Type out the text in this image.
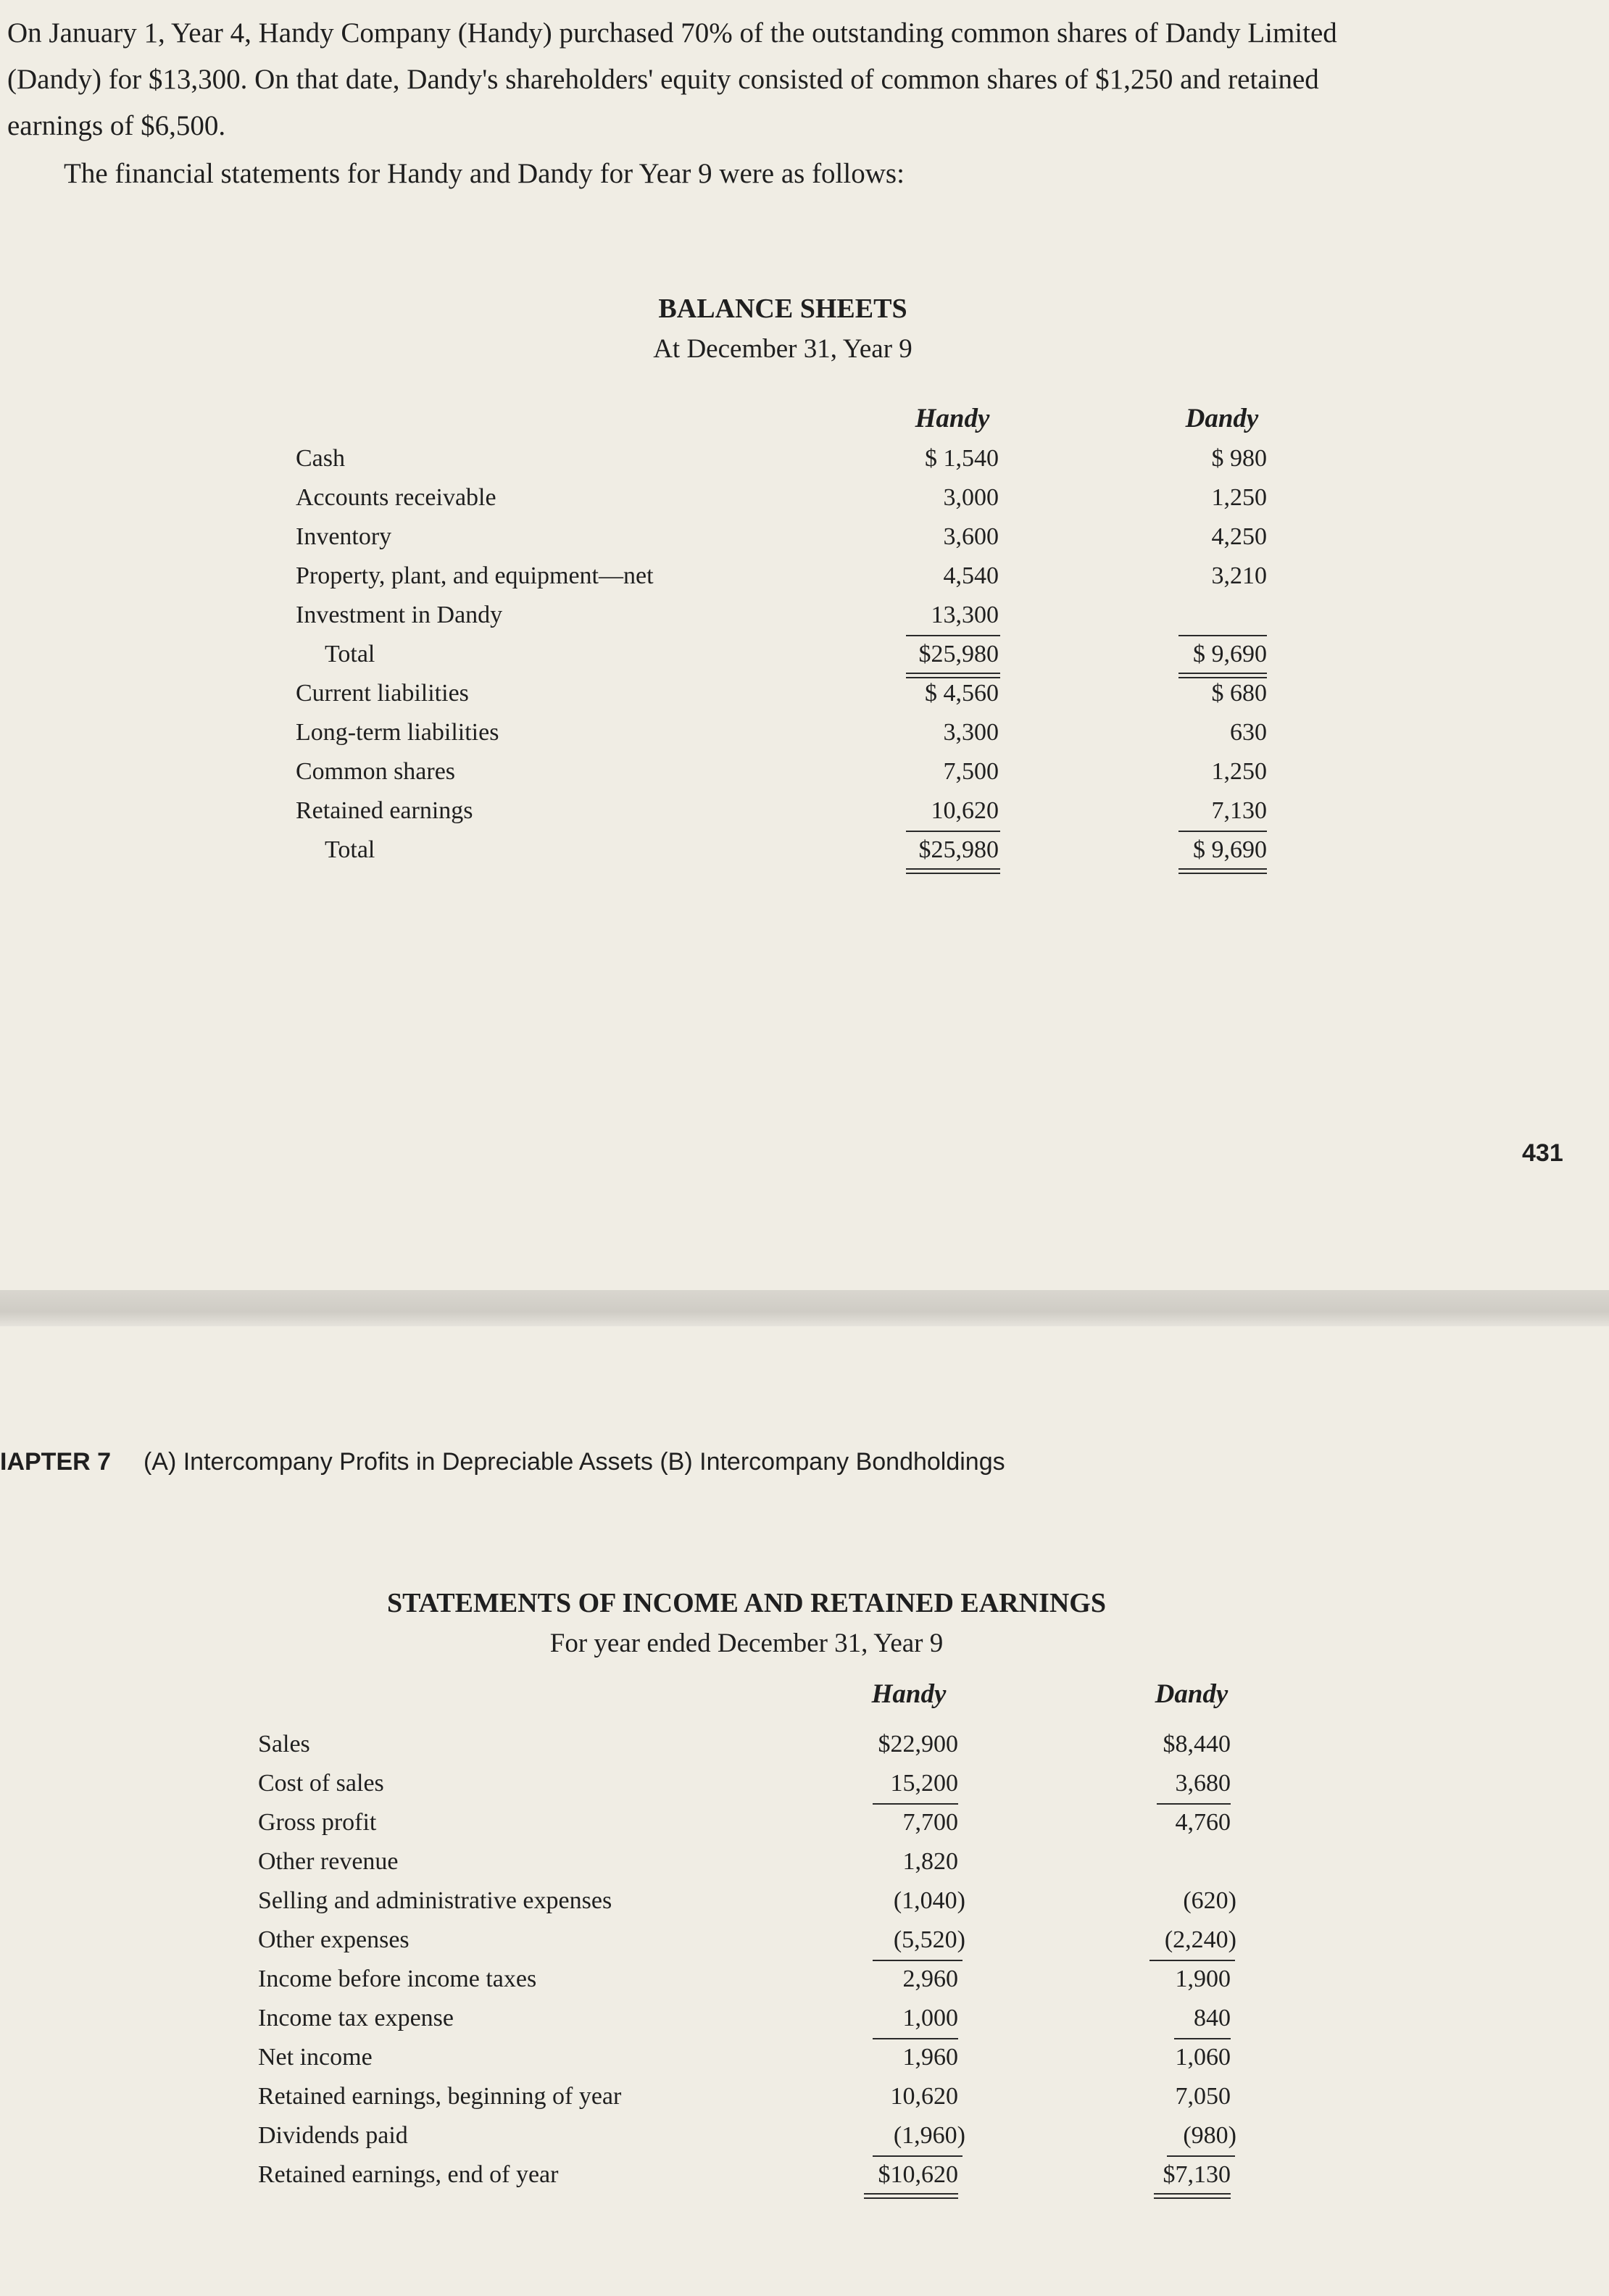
On January 1, Year 4, Handy Company (Handy) purchased 70% of the outstanding common shares of Dandy Limited
(Dandy) for $13,300. On that date, Dandy's shareholders' equity consisted of common shares of $1,250 and retained
earnings of $6,500.
The financial statements for Handy and Dandy for Year 9 were as follows:
BALANCE SHEETS
At December 31, Year 9
Handy	Dandy
Cash	$ 1,540	$ 980
Accounts receivable	3,000	1,250
Inventory	3,600	4,250
Property, plant, and equipment—net	4,540	3,210
Investment in Dandy	13,300
Total	$25,980	$ 9,690
Current liabilities	$ 4,560	$ 680
Long-term liabilities	3,300	630
Common shares	7,500	1,250
Retained earnings	10,620	7,130
Total	$25,980	$ 9,690
431
IAPTER 7 (A) Intercompany Profits in Depreciable Assets (B) Intercompany Bondholdings
STATEMENTS OF INCOME AND RETAINED EARNINGS
For year ended December 31, Year 9
Handy	Dandy
Sales	$22,900	$8,440
Cost of sales	15,200	3,680
Gross profit	7,700	4,760
Other revenue	1,820
Selling and administrative expenses	(1,040)	(620)
Other expenses	(5,520)	(2,240)
Income before income taxes	2,960	1,900
Income tax expense	1,000	840
Net income	1,960	1,060
Retained earnings, beginning of year	10,620	7,050
Dividends paid	(1,960)	(980)
Retained earnings, end of year	$10,620	$7,130
